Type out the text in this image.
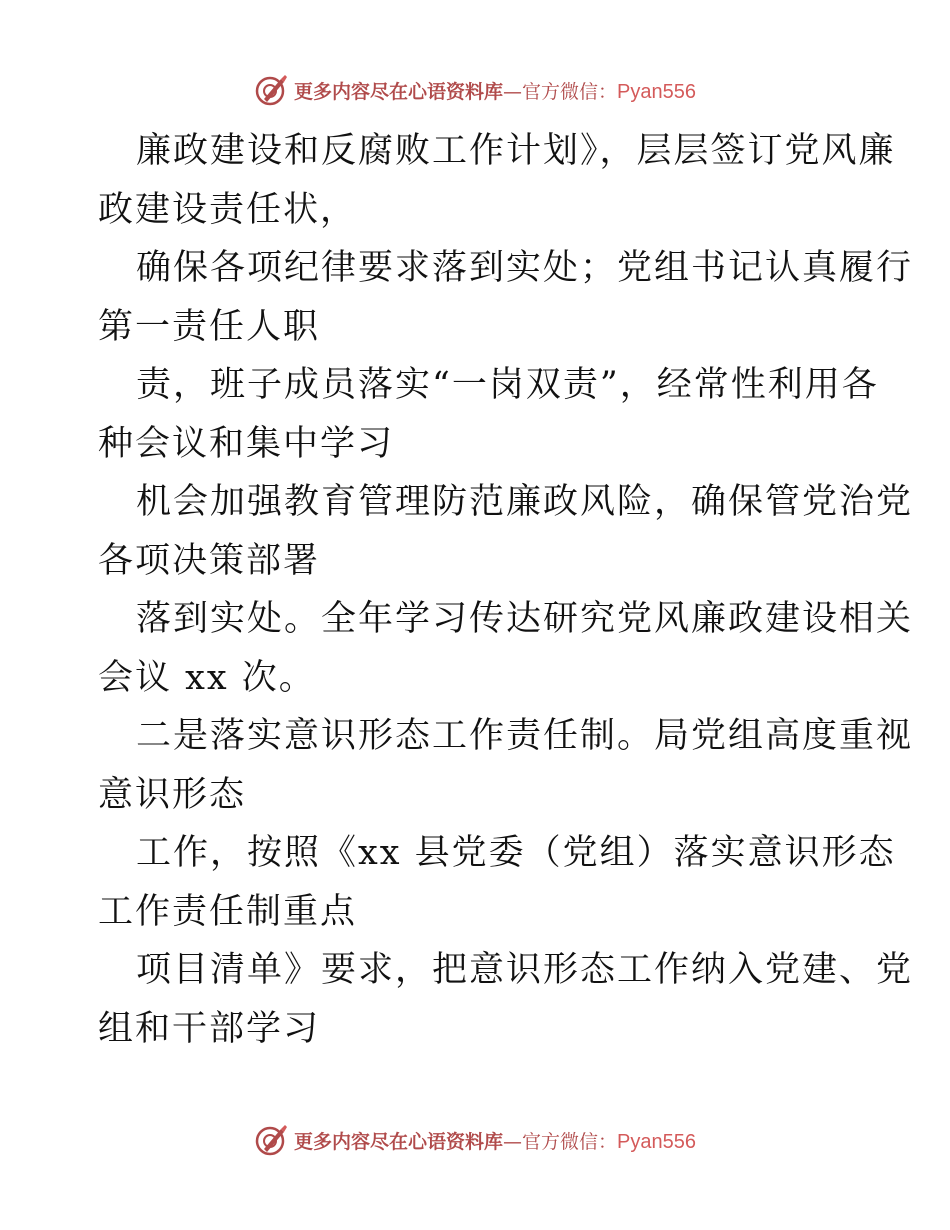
更多内容尽在心语资料库—官方微信：Pyan556
廉政建设和反腐败工作计划》，层层签订党风廉
政建设责任状，
确保各项纪律要求落到实处；党组书记认真履行
第一责任人职
责，班子成员落实“一岗双责”，经常性利用各
种会议和集中学习
机会加强教育管理防范廉政风险，确保管党治党
各项决策部署
落到实处。全年学习传达研究党风廉政建设相关
会议 xx 次。
二是落实意识形态工作责任制。局党组高度重视
意识形态
工作，按照《xx 县党委（党组）落实意识形态
工作责任制重点
项目清单》要求，把意识形态工作纳入党建、党
组和干部学习
更多内容尽在心语资料库—官方微信：Pyan556
